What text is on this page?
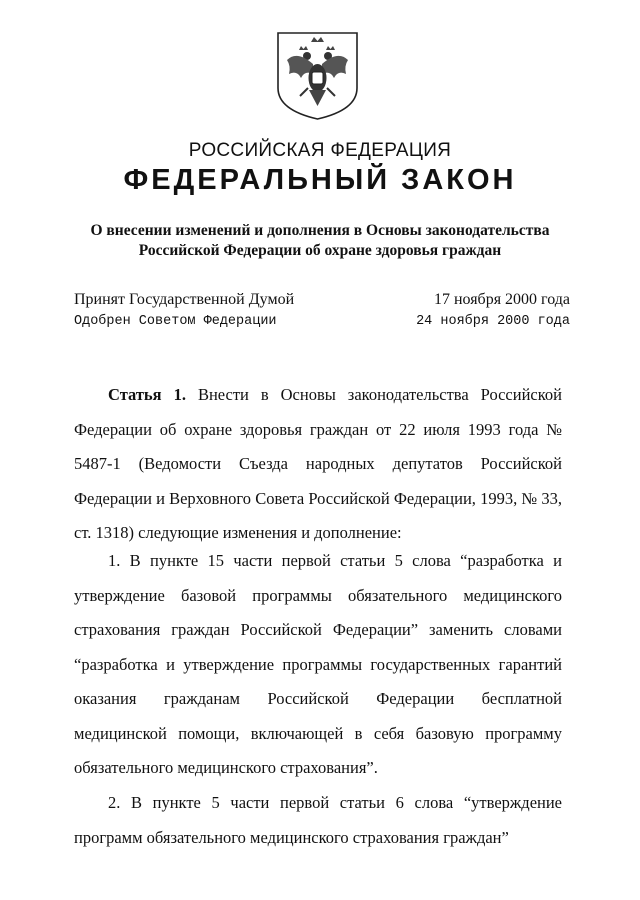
РОССИЙСКАЯ ФЕДЕРАЦИЯ
ФЕДЕРАЛЬНЫЙ ЗАКОН
О внесении изменений и дополнения в Основы законодательства
Российской Федерации об охране здоровья граждан
Принят Государственной Думой	17 ноября 2000 года
Одобрен Советом Федерации	24 ноября 2000 года
Статья 1. Внести в Основы законодательства Российской Федерации об охране здоровья граждан от 22 июля 1993 года № 5487-1 (Ведомости Съезда народных депутатов Российской Федерации и Верховного Совета Российской Федерации, 1993, № 33, ст. 1318) следующие изменения и дополнение:
1. В пункте 15 части первой статьи 5 слова “разработка и утверждение базовой программы обязательного медицинского страхования граждан Российской Федерации” заменить словами “разработка и утверждение программы государственных гарантий оказания гражданам Российской Федерации бесплатной медицинской помощи, включающей в себя базовую программу обязательного медицинского страхования”.
2. В пункте 5 части первой статьи 6 слова “утверждение программ обязательного медицинского страхования граждан”
